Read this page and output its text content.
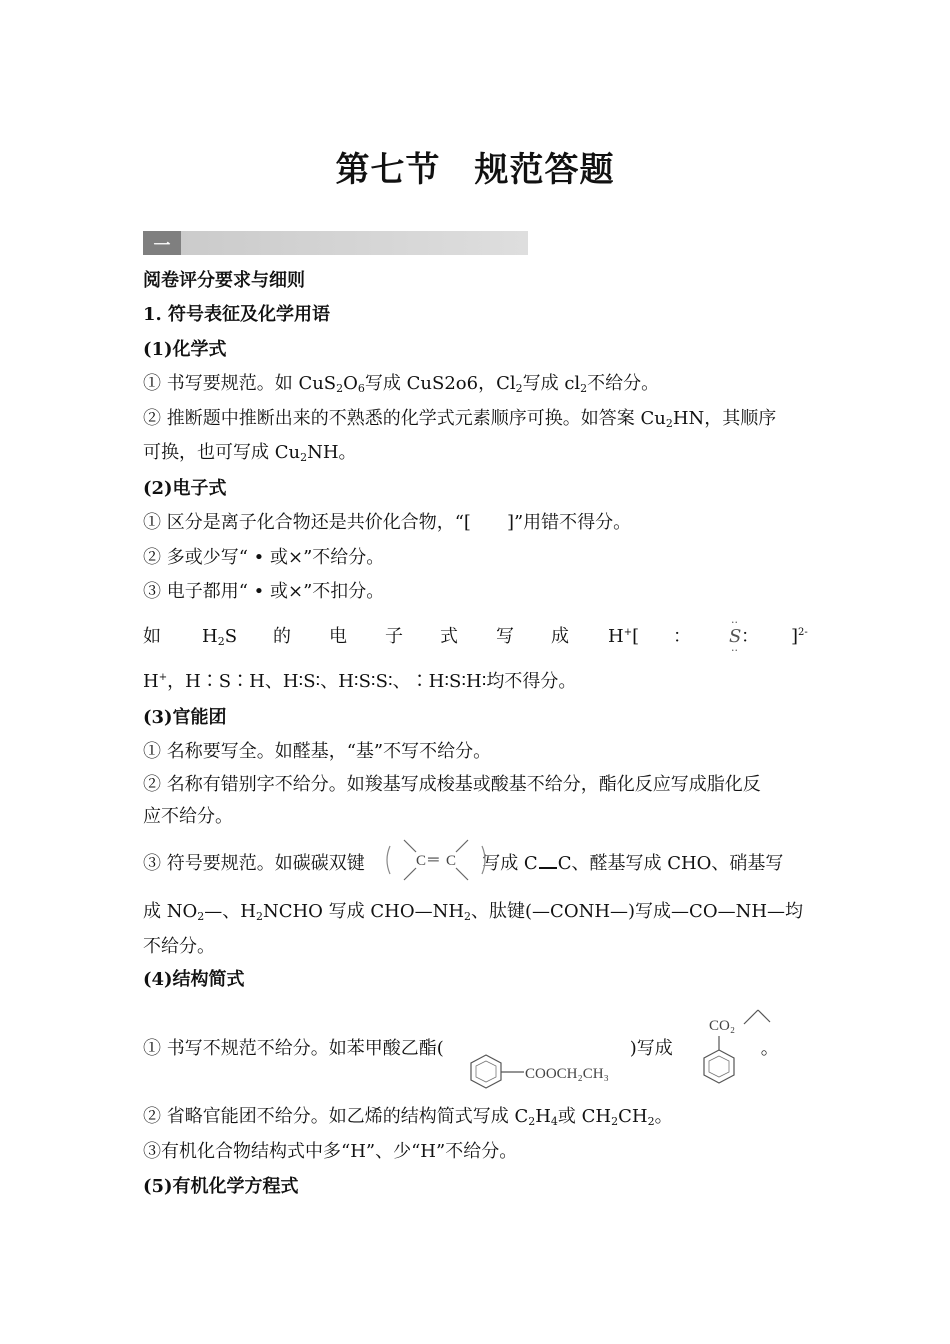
第七节 规范答题
一
阅卷评分要求与细则
1. 符号表征及化学用语
(1)化学式
① 书写要规范。如 $CuS_2O_6$写成 CuS2o6，$Cl_2$写成 $cl_2$不给分。
② 推断题中推断出来的不熟悉的化学式元素顺序可换。如答案 $Cu_2HN$，其顺序
可换，也可写成 $Cu_2NH$。
(2)电子式
① 区分是离子化合物还是共价化合物，“[　　]”用错不得分。
② 多或少写“ • 或×”不给分。
③ 电子都用“ • 或×”不扣分。
如 $H_2S$ 的 电 子 式 写 成 H+[ ： S
··
··
： ]$^{2-}$
H+，H∶S∶H、H∶S∶、H∶S∶S∶、∶H∶S∶H∶均不得分。
(3)官能团
① 名称要写全。如醛基，“基”不写不给分。
② 名称有错别字不给分。如羧基写成梭基或酸基不给分，酯化反应写成脂化反
应不给分。
③ 符号要规范。如碳碳双键	写成 C C、醛基写成 CHO、硝基写
C ═ C
成 $NO_2—$、$H_2NCHO$ 写成 $CHO—NH_2$、肽键(—CONH—)写成—CO—NH—均
不给分。
(4)结构简式
① 书写不规范不给分。如苯甲酸乙酯(	)写成	。
COOCH₂CH₃
CO₂
② 省略官能团不给分。如乙烯的结构简式写成 $C_2H_4$或 $CH_2CH_2$。
③有机化合物结构式中多“H”、少“H”不给分。
(5)有机化学方程式
